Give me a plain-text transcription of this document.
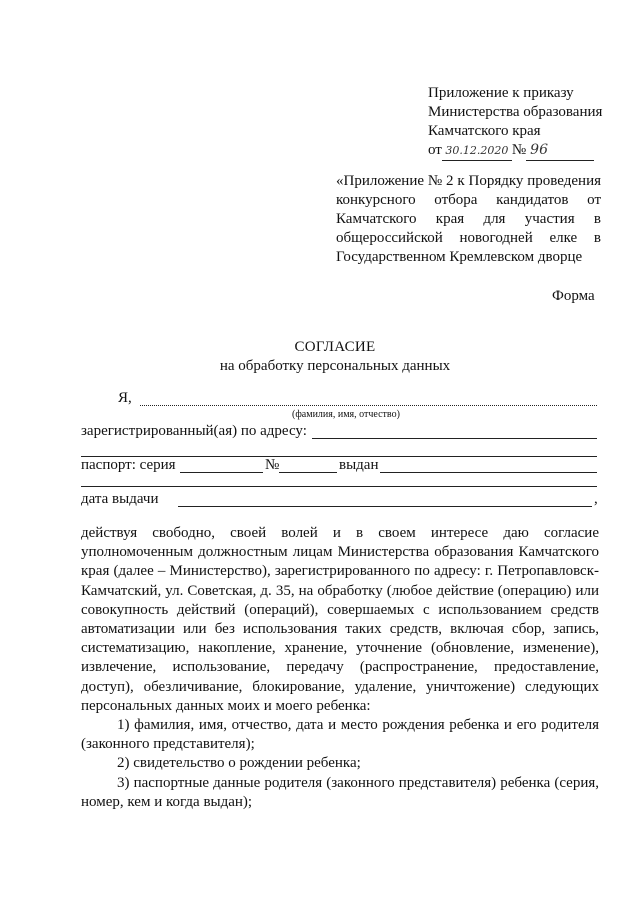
Приложение к приказу
Министерства образования
Камчатского края
от 30.12.2020 № 96
«Приложение № 2 к Порядку проведения конкурсного отбора кандидатов от Камчатского края для участия в общероссийской новогодней елке в Государственном Кремлевском дворце
Форма
СОГЛАСИЕ
на обработку персональных данных
Я,
(фамилия, имя, отчество)
зарегистрированный(ая) по адресу:
паспорт: серия	№	выдан
дата выдачи	,

действуя свободно, своей волей и в своем интересе даю согласие уполномоченным должностным лицам Министерства образования Камчатского края (далее – Министерство), зарегистрированного по адресу: г. Петропавловск-Камчатский, ул. Советская, д. 35, на обработку (любое действие (операцию) или совокупность действий (операций), совершаемых с использованием средств автоматизации или без использования таких средств, включая сбор, запись, систематизацию, накопление, хранение, уточнение (обновление, изменение), извлечение, использование, передачу (распространение, предоставление, доступ), обезличивание, блокирование, удаление, уничтожение) следующих персональных данных моих и моего ребенка:

1) фамилия, имя, отчество, дата и место рождения ребенка и его родителя (законного представителя);

2) свидетельство о рождении ребенка;

3) паспортные данные родителя (законного представителя) ребенка (серия, номер, кем и когда выдан);
